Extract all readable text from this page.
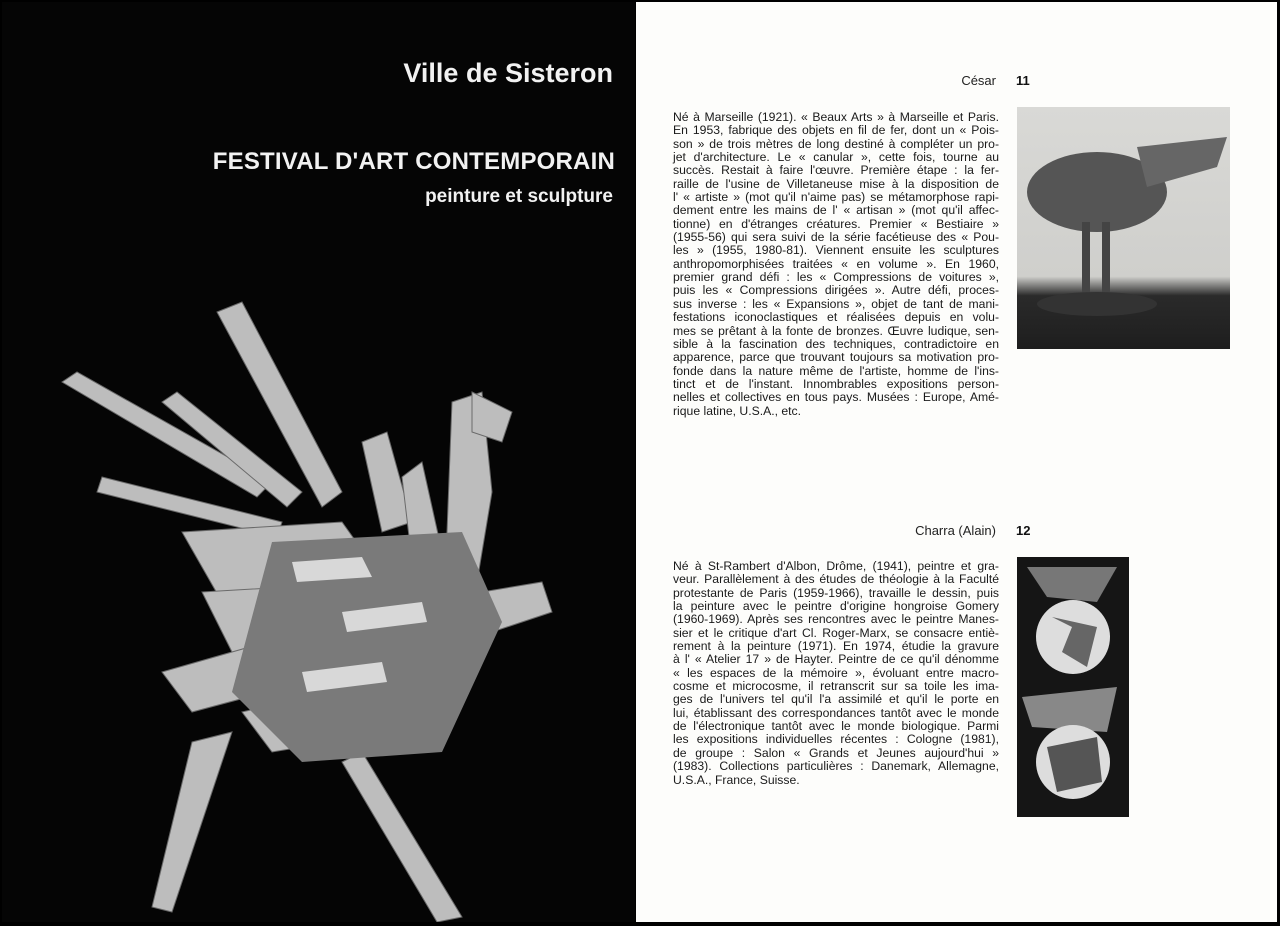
Ville de Sisteron
FESTIVAL D'ART CONTEMPORAIN
peinture et sculpture
César 11
Né à Marseille (1921). « Beaux Arts » à Marseille et Paris.
En 1953, fabrique des objets en fil de fer, dont un « Pois-
son » de trois mètres de long destiné à compléter un pro-
jet d'architecture. Le « canular », cette fois, tourne au
succès. Restait à faire l'œuvre. Première étape : la fer-
raille de l'usine de Villetaneuse mise à la disposition de
l' « artiste » (mot qu'il n'aime pas) se métamorphose rapi-
dement entre les mains de l' « artisan » (mot qu'il affec-
tionne) en d'étranges créatures. Premier « Bestiaire »
(1955-56) qui sera suivi de la série facétieuse des « Pou-
les » (1955, 1980-81). Viennent ensuite les sculptures
anthropomorphisées traitées « en volume ». En 1960,
premier grand défi : les « Compressions de voitures »,
puis les « Compressions dirigées ». Autre défi, proces-
sus inverse : les « Expansions », objet de tant de mani-
festations iconoclastiques et réalisées depuis en volu-
mes se prêtant à la fonte de bronzes. Œuvre ludique, sen-
sible à la fascination des techniques, contradictoire en
apparence, parce que trouvant toujours sa motivation pro-
fonde dans la nature même de l'artiste, homme de l'ins-
tinct et de l'instant. Innombrables expositions person-
nelles et collectives en tous pays. Musées : Europe, Amé-
rique latine, U.S.A., etc.
Charra (Alain) 12
Né à St-Rambert d'Albon, Drôme, (1941), peintre et gra-
veur. Parallèlement à des études de théologie à la Faculté
protestante de Paris (1959-1966), travaille le dessin, puis
la peinture avec le peintre d'origine hongroise Gomery
(1960-1969). Après ses rencontres avec le peintre Manes-
sier et le critique d'art Cl. Roger-Marx, se consacre entiè-
rement à la peinture (1971). En 1974, étudie la gravure
à l' « Atelier 17 » de Hayter. Peintre de ce qu'il dénomme
« les espaces de la mémoire », évoluant entre macro-
cosme et microcosme, il retranscrit sur sa toile les ima-
ges de l'univers tel qu'il l'a assimilé et qu'il le porte en
lui, établissant des correspondances tantôt avec le monde
de l'électronique tantôt avec le monde biologique. Parmi
les expositions individuelles récentes : Cologne (1981),
de groupe : Salon « Grands et Jeunes aujourd'hui »
(1983). Collections particulières : Danemark, Allemagne,
U.S.A., France, Suisse.
